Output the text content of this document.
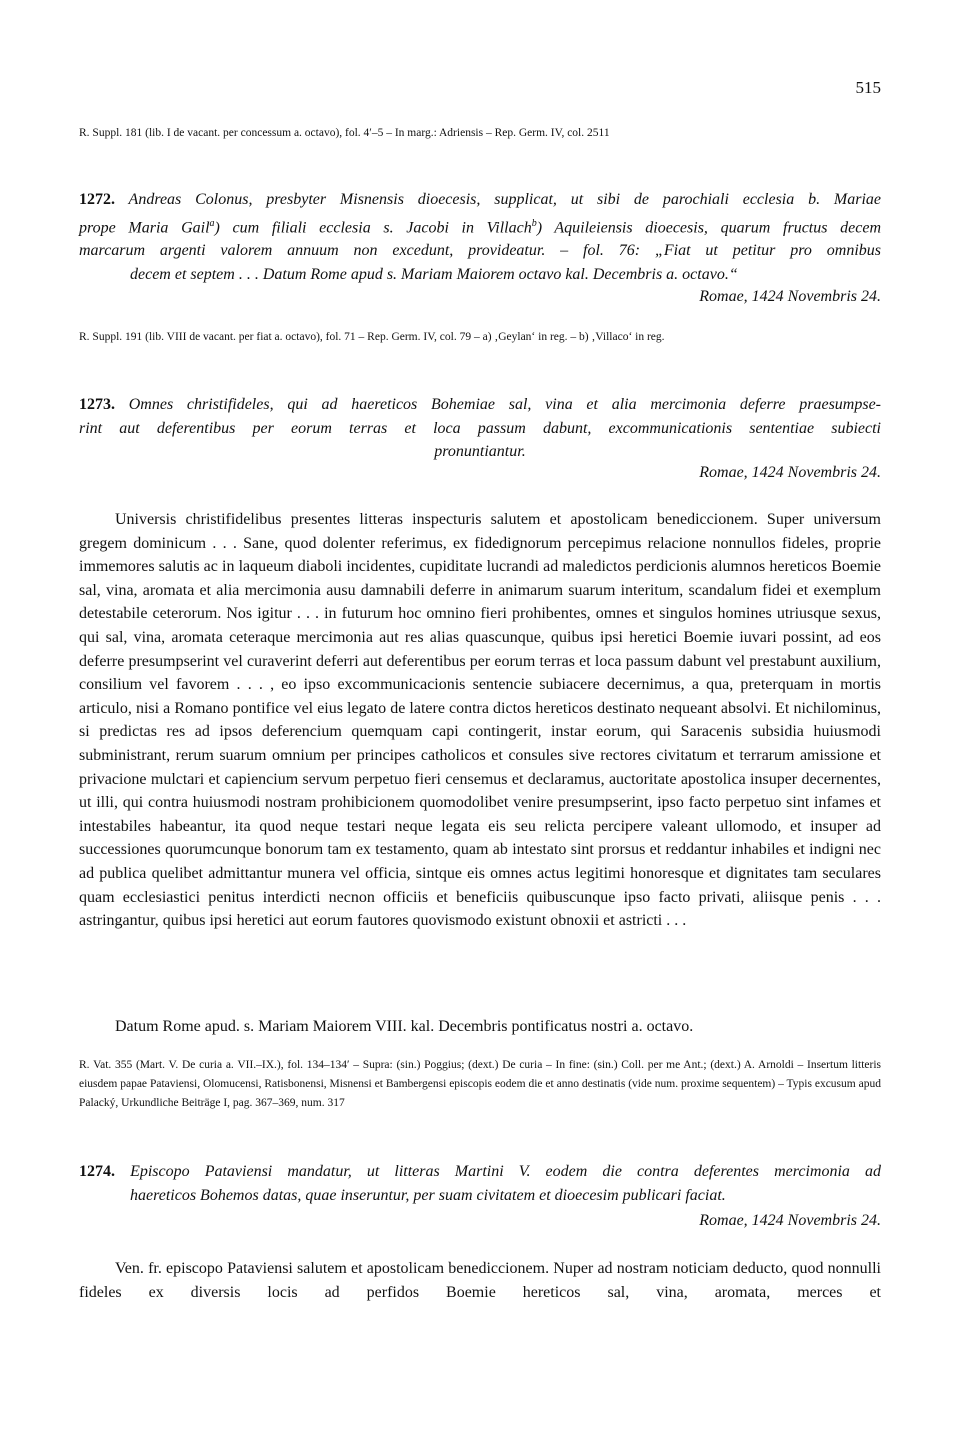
515
R. Suppl. 181 (lib. I de vacant. per concessum a. octavo), fol. 4′–5 – In marg.: Adriensis – Rep. Germ. IV, col. 2511
1272. Andreas Colonus, presbyter Misnensis dioecesis, supplicat, ut sibi de parochiali ecclesia b. Mariae
prope Maria Gail$^a$) cum filiali ecclesia s. Jacobi in Villach$^b$) Aquileiensis dioecesis, quarum fructus decem
marcarum argenti valorem annuum non excedunt, provideatur. – fol. 76: „Fiat ut petitur pro omnibus
decem et septem . . . Datum Rome apud s. Mariam Maiorem octavo kal. Decembris a. octavo.“
Romae, 1424 Novembris 24.
R. Suppl. 191 (lib. VIII de vacant. per fiat a. octavo), fol. 71 – Rep. Germ. IV, col. 79 – a) ‚Geylan‘ in reg. – b) ‚Villaco‘ in reg.
1273. Omnes christifideles, qui ad haereticos Bohemiae sal, vina et alia mercimonia deferre praesumpse-
rint aut deferentibus per eorum terras et loca passum dabunt, excommunicationis sententiae subiecti
pronuntiantur.
Romae, 1424 Novembris 24.

Universis christifidelibus presentes litteras inspecturis salutem et apostolicam benediccionem. Super universum gregem dominicum . . . Sane, quod dolenter referimus, ex fidedignorum percepimus relacione nonnullos fideles, proprie immemores salutis ac in laqueum diaboli incidentes, cupiditate lucrandi ad maledictos perdicionis alumnos hereticos Boemie sal, vina, aromata et alia mercimonia ausu damnabili deferre in animarum suarum interitum, scandalum fidei et exemplum detestabile ceterorum. Nos igitur . . . in futurum hoc omnino fieri prohibentes, omnes et singulos homines utriusque sexus, qui sal, vina, aromata ceteraque mercimonia aut res alias quascunque, quibus ipsi heretici Boemie iuvari possint, ad eos deferre presumpserint vel curaverint deferri aut deferentibus per eorum terras et loca passum dabunt vel prestabunt auxilium, consilium vel favorem . . . , eo ipso excommunicacionis sentencie subiacere decernimus, a qua, preterquam in mortis articulo, nisi a Romano pontifice vel eius legato de latere contra dictos hereticos destinato nequeant absolvi. Et nichilominus, si predictas res ad ipsos deferencium quemquam capi contingerit, instar eorum, qui Saracenis subsidia huiusmodi subministrant, rerum suarum omnium per principes catholicos et consules sive rectores civitatum et terrarum amissione et privacione mulctari et capiencium servum perpetuo fieri censemus et declaramus, auctoritate apostolica insuper decernentes, ut illi, qui contra huiusmodi nostram prohibicionem quomodolibet venire presumpserint, ipso facto perpetuo sint infames et intestabiles habeantur, ita quod neque testari neque legata eis seu relicta percipere valeant ullomodo, et insuper ad successiones quorumcunque bonorum tam ex testamento, quam ab intestato sint prorsus et reddantur inhabiles et indigni nec ad publica quelibet admittantur munera vel officia, sintque eis omnes actus legitimi honoresque et dignitates tam seculares quam ecclesiastici penitus interdicti necnon officiis et beneficiis quibuscunque ipso facto privati, aliisque penis . . . astringantur, quibus ipsi heretici aut eorum fautores quovismodo existunt obnoxii et astricti . . .

Datum Rome apud. s. Mariam Maiorem VIII. kal. Decembris pontificatus nostri a. octavo.
R. Vat. 355 (Mart. V. De curia a. VII.–IX.), fol. 134–134′ – Supra: (sin.) Poggius; (dext.) De curia – In fine: (sin.) Coll. per me Ant.; (dext.) A. Arnoldi – Insertum litteris eiusdem papae Pataviensi, Olomucensi, Ratisbonensi, Misnensi et Bambergensi episcopis eodem die et anno destinatis (vide num. proxime sequentem) – Typis excusum apud Palacký, Urkundliche Beiträge I, pag. 367–369, num. 317
1274. Episcopo Pataviensi mandatur, ut litteras Martini V. eodem die contra deferentes mercimonia ad
haereticos Bohemos datas, quae inseruntur, per suam civitatem et dioecesim publicari faciat.
Romae, 1424 Novembris 24.

Ven. fr. episcopo Pataviensi salutem et apostolicam benediccionem. Nuper ad nostram noticiam deducto, quod nonnulli fideles ex diversis locis ad perfidos Boemie hereticos sal, vina, aromata, merces et
